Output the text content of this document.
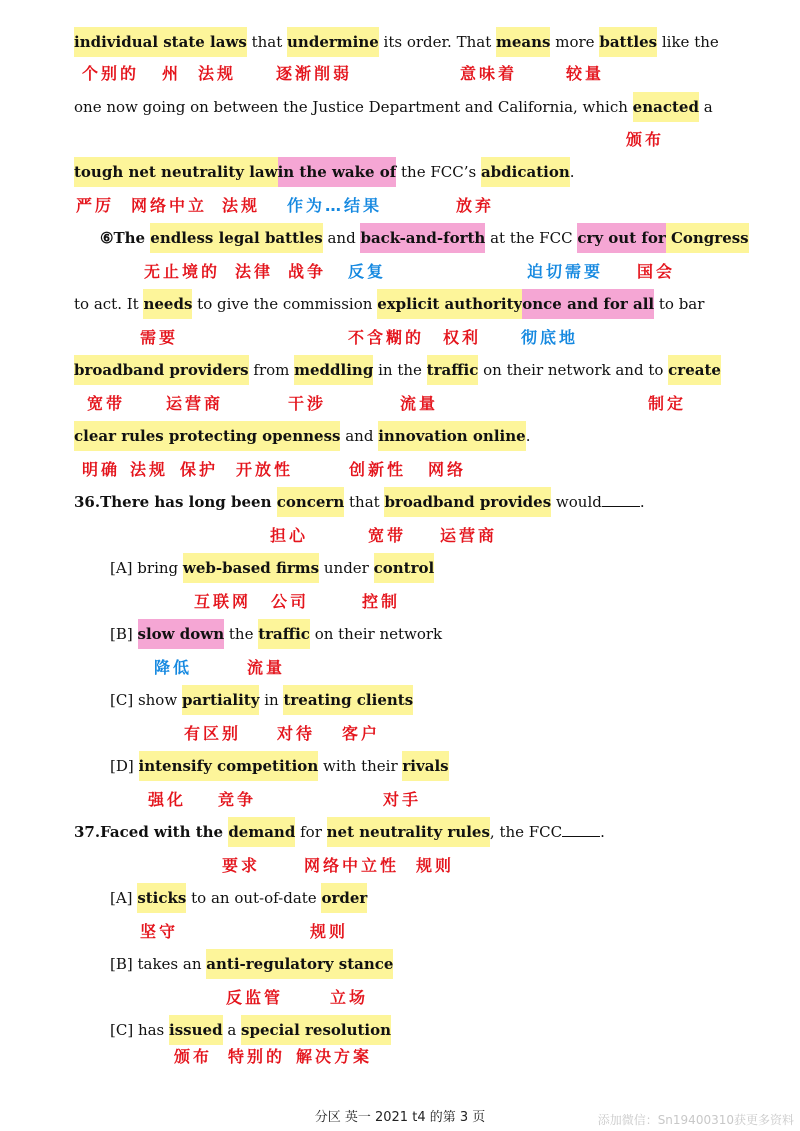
individual state laws that undermine its order. That means more battles like the
one now going on between the Justice Department and California, which enacted a
tough net neutrality lawin the wake of the FCC’s abdication.
⑥The endless legal battles and back-and-forth at the FCC cry out for Congress
to act. It needs to give the commission explicit authorityonce and for all to bar
broadband providers from meddling in the traffic on their network and to create
clear rules protecting openness and innovation online.
36.There has long been concern that broadband provides would	.
[A] bring web-based firms under control
[B] slow down the traffic on their network
[C] show partiality in treating clients
[D] intensify competition with their rivals
37.Faced with the demand for net neutrality rules, the FCC	.
[A] sticks to an out-of-date order
[B] takes an anti-regulatory stance
[C] has issued a special resolution
个别的 州 法规 逐渐削弱	意味着	较量
颁布
严厉 网络中立 法规 作为…结果	放弃
无止境的 法律 战争 反复	迫切需要 国会
需要	不含糊的 权利 彻底地
宽带	运营商	干涉	流量	制定
明确 法规 保护 开放性	创新性 网络
担心	宽带 运营商
互联网 公司	控制
降低	流量
有区别 对待 客户
强化 竞争	对手
要求	网络中立性 规则
坚守	规则
反监管	立场
颁布 特别的 解决方案
分区 英一 2021 t4 的第 3 页	添加微信：Sn19400310获更多资料
